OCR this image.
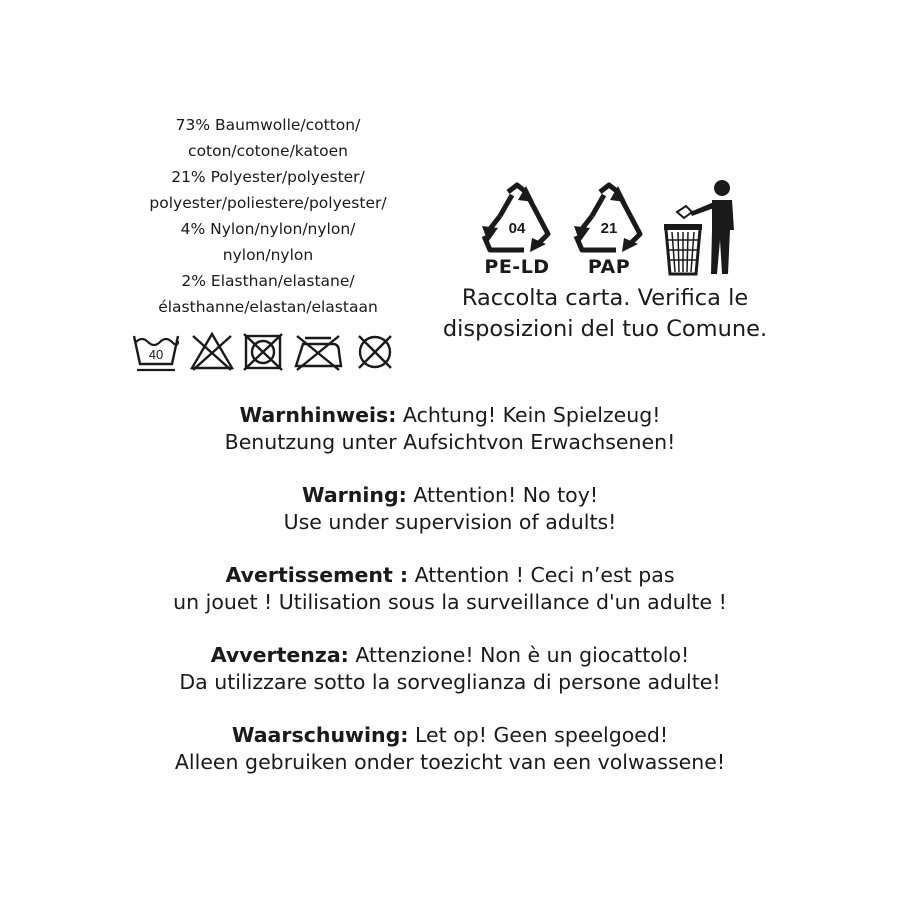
73% Baumwolle/cotton/
coton/cotone/katoen
21% Polyester/polyester/
polyester/poliestere/polyester/
4% Nylon/nylon/nylon/
nylon/nylon
2% Elasthan/elastane/
élasthanne/elastan/elastaan
40
04
PE-LD
21
PAP
Raccolta carta. Verifica le
disposizioni del tuo Comune.
Warnhinweis: Achtung! Kein Spielzeug!
Benutzung unter Aufsichtvon Erwachsenen!
Warning: Attention! No toy!
Use under supervision of adults!
Avertissement : Attention ! Ceci n’est pas
un jouet ! Utilisation sous la surveillance d'un adulte !
Avvertenza: Attenzione! Non è un giocattolo!
Da utilizzare sotto la sorveglianza di persone adulte!
Waarschuwing: Let op! Geen speelgoed!
Alleen gebruiken onder toezicht van een volwassene!
